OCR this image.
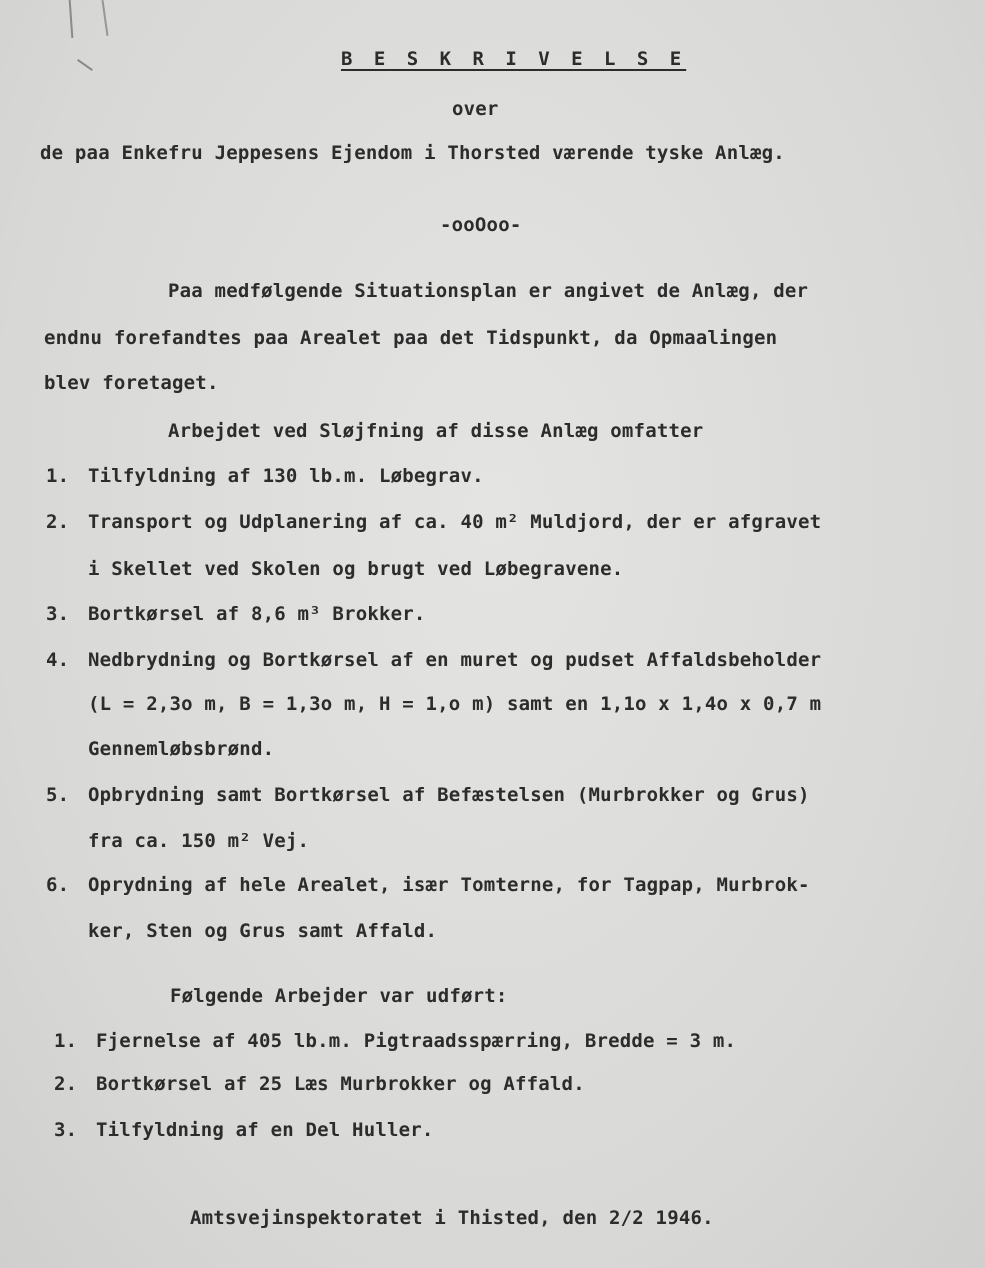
B E S K R I V E L S E
over
de paa Enkefru Jeppesens Ejendom i Thorsted værende tyske Anlæg.
-ooOoo-
Paa medfølgende Situationsplan er angivet de Anlæg, der
endnu forefandtes paa Arealet paa det Tidspunkt, da Opmaalingen
blev foretaget.
Arbejdet ved Sløjfning af disse Anlæg omfatter
1. Tilfyldning af 130 lb.m. Løbegrav.
2. Transport og Udplanering af ca. 40 m² Muldjord, der er afgravet
i Skellet ved Skolen og brugt ved Løbegravene.
3. Bortkørsel af 8,6 m³ Brokker.
4. Nedbrydning og Bortkørsel af en muret og pudset Affaldsbeholder
(L = 2,3o m, B = 1,3o m, H = 1,o m) samt en 1,1o x 1,4o x 0,7 m
Gennemløbsbrønd.
5. Opbrydning samt Bortkørsel af Befæstelsen (Murbrokker og Grus)
fra ca. 150 m² Vej.
6. Oprydning af hele Arealet, især Tomterne, for Tagpap, Murbrok-
ker, Sten og Grus samt Affald.
Følgende Arbejder var udført:
1. Fjernelse af 405 lb.m. Pigtraadsspærring, Bredde = 3 m.
2. Bortkørsel af 25 Læs Murbrokker og Affald.
3. Tilfyldning af en Del Huller.
Amtsvejinspektoratet i Thisted, den 2/2 1946.
